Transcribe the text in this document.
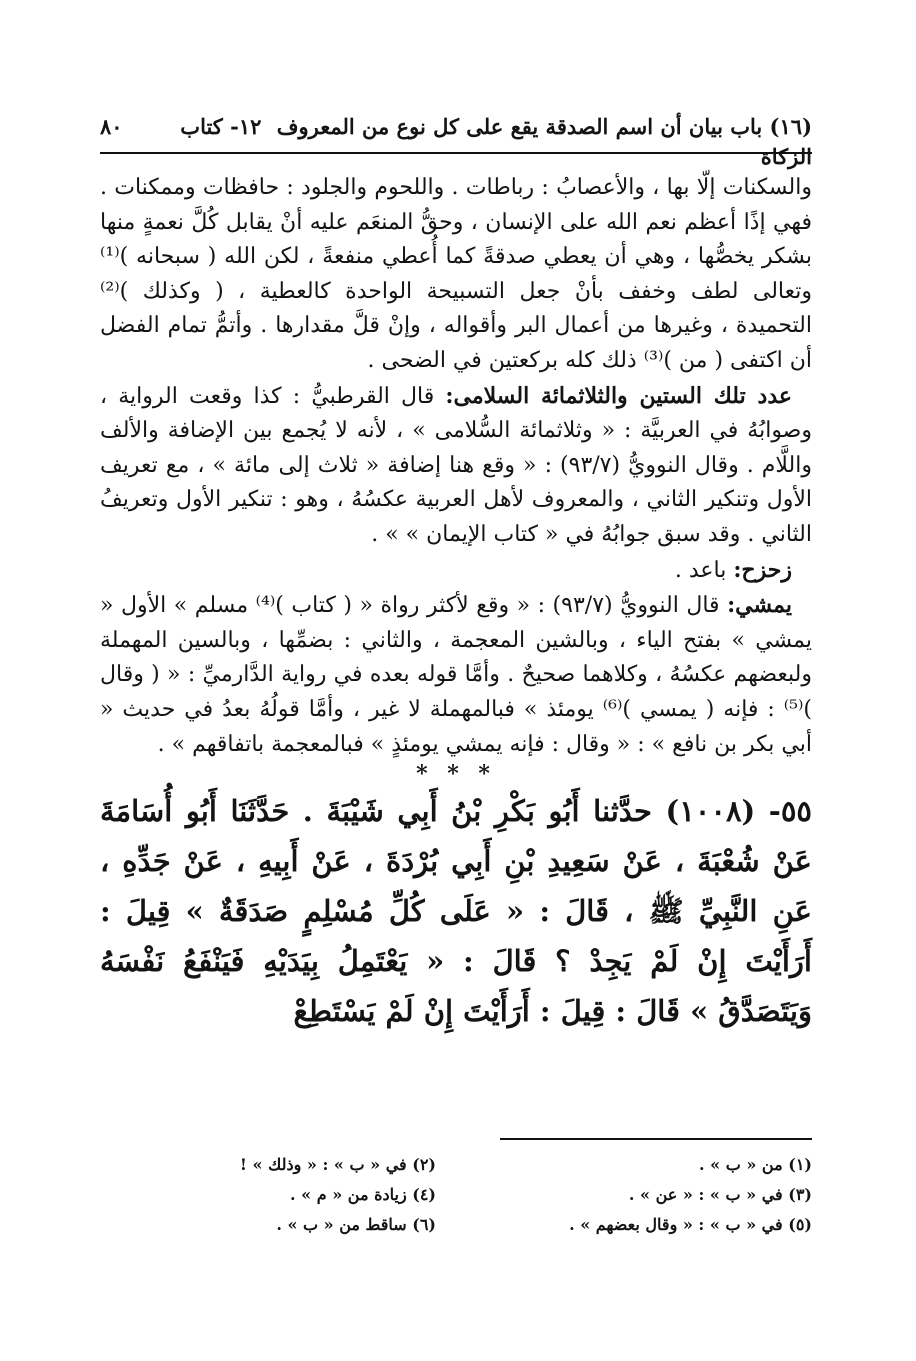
(١٦) باب بيان أن اسم الصدقة يقع على كل نوع من المعروف ١٢- كتاب الزكاة
٨٠

والسكنات إلّا بها ، والأعصابُ : رباطات . واللحوم والجلود : حافظات وممكنات . فهي إذًا أعظم نعم الله على الإنسان ، وحقُّ المنعَم عليه أنْ يقابل كُلَّ نعمةٍ منها بشكر يخصُّها ، وهي أن يعطي صدقةً كما أُعطي منفعةً ، لكن الله ( سبحانه )⁽¹⁾ وتعالى لطف وخفف بأنْ جعل التسبيحة الواحدة كالعطية ، ( وكذلك )⁽²⁾ التحميدة ، وغيرها من أعمال البر وأقواله ، وإنْ قلَّ مقدارها . وأتمُّ تمام الفضل أن اكتفى ( من )⁽³⁾ ذلك كله بركعتين في الضحى .

عدد تلك الستين والثلاثمائة السلامى: قال القرطبيُّ : كذا وقعت الرواية ، وصوابُهُ في العربيَّة : « وثلاثمائة السُّلامى » ، لأنه لا يُجمع بين الإضافة والألف واللَّام . وقال النوويُّ (٩٣/٧) : « وقع هنا إضافة « ثلاث إلى مائة » ، مع تعريف الأول وتنكير الثاني ، والمعروف لأهل العربية عكسُهُ ، وهو : تنكير الأول وتعريفُ الثاني . وقد سبق جوابُهُ في « كتاب الإيمان » » .

زحزح: باعد .

يمشي: قال النوويُّ (٩٣/٧) : « وقع لأكثر رواة « ( كتاب )⁽⁴⁾ مسلم » الأول « يمشي » بفتح الياء ، وبالشين المعجمة ، والثاني : بضمِّها ، وبالسين المهملة ولبعضهم عكسُهُ ، وكلاهما صحيحٌ . وأمَّا قوله بعده في رواية الدَّارميِّ : « ( وقال )⁽⁵⁾ : فإنه ( يمسي )⁽⁶⁾ يومئذ » فبالمهملة لا غير ، وأمَّا قولُهُ بعدُ في حديث « أبي بكر بن نافع » : « وقال : فإنه يمشي يومئذٍ » فبالمعجمة باتفاقهم » .

* * *

٥٥- (١٠٠٨) حدَّثنا أَبُو بَكْرِ بْنُ أَبِي شَيْبَةَ . حَدَّثَنَا أَبُو أُسَامَةَ عَنْ شُعْبَةَ ، عَنْ سَعِيدِ بْنِ أَبِي بُرْدَةَ ، عَنْ أَبِيهِ ، عَنْ جَدِّهِ ، عَنِ النَّبِيِّ ﷺ ، قَالَ : « عَلَى كُلِّ مُسْلِمٍ صَدَقَةٌ » قِيلَ : أَرَأَيْتَ إِنْ لَمْ يَجِدْ ؟ قَالَ : « يَعْتَمِلُ بِيَدَيْهِ فَيَنْفَعُ نَفْسَهُ وَيَتَصَدَّقُ » قَالَ : قِيلَ : أَرَأَيْتَ إِنْ لَمْ يَسْتَطِعْ

(١) من « ب » .
(٢) في « ب » : « وذلك » !
(٣) في « ب » : « عن » .
(٤) زيادة من « م » .
(٥) في « ب » : « وقال بعضهم » .
(٦) ساقط من « ب » .
